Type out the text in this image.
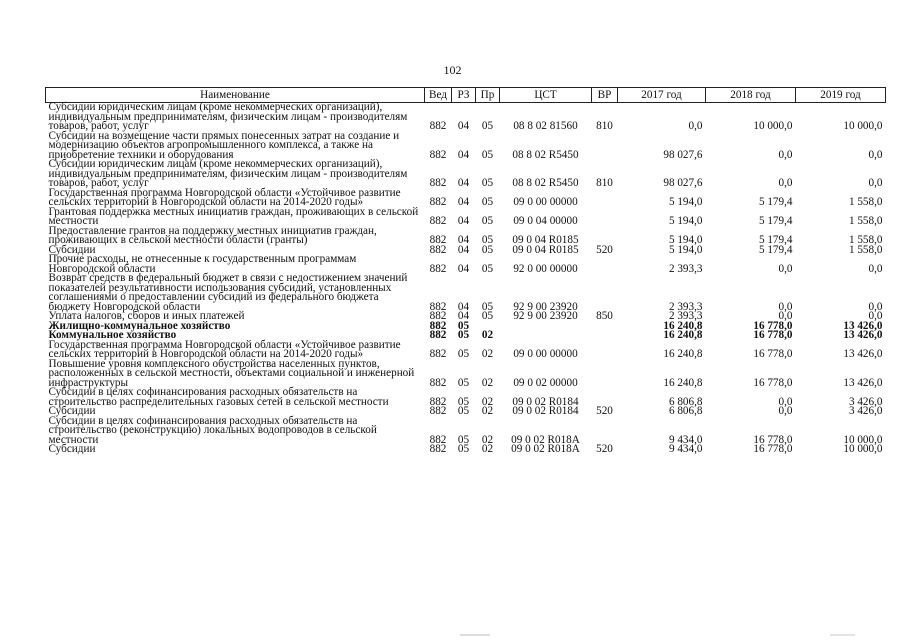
102
Наименование	Вед	РЗ	Пр	ЦСТ	ВР	2017 год	2018 год	2019 год
Субсидии юридическим лицам (кроме некоммерческих организаций), индивидуальным предпринимателям, физическим лицам - производителям товаров, работ, услуг	882	04	05	08 8 02 81560	810	0,0	10 000,0	10 000,0
Субсидии на возмещение части прямых понесенных затрат на создание и модернизацию объектов агропромышленного комплекса, а также на приобретение техники и оборудования	882	04	05	08 8 02 R5450		98 027,6	0,0	0,0
Субсидии юридическим лицам (кроме некоммерческих организаций), индивидуальным предпринимателям, физическим лицам - производителям товаров, работ, услуг	882	04	05	08 8 02 R5450	810	98 027,6	0,0	0,0
Государственная программа Новгородской области «Устойчивое развитие сельских территорий в Новгородской области на 2014-2020 годы»	882	04	05	09 0 00 00000		5 194,0	5 179,4	1 558,0
Грантовая поддержка местных инициатив граждан, проживающих в сельской местности	882	04	05	09 0 04 00000		5 194,0	5 179,4	1 558,0
Предоставление грантов на поддержку местных инициатив граждан, проживающих в сельской местности области (гранты)	882	04	05	09 0 04 R0185		5 194,0	5 179,4	1 558,0
Субсидии	882	04	05	09 0 04 R0185	520	5 194,0	5 179,4	1 558,0
Прочие расходы, не отнесенные к государственным программам Новгородской области	882	04	05	92 0 00 00000		2 393,3	0,0	0,0
Возврат средств в федеральный бюджет в связи с недостижением значений показателей результативности использования субсидий, установленных соглашениями о предоставлении субсидий из федерального бюджета бюджету Новгородской области	882	04	05	92 9 00 23920		2 393,3	0,0	0,0
Уплата налогов, сборов и иных платежей	882	04	05	92 9 00 23920	850	2 393,3	0,0	0,0
Жилищно-коммунальное хозяйство	882	05				16 240,8	16 778,0	13 426,0
Коммунальное хозяйство	882	05	02			16 240,8	16 778,0	13 426,0
Государственная программа Новгородской области «Устойчивое развитие сельских территорий в Новгородской области на 2014-2020 годы»	882	05	02	09 0 00 00000		16 240,8	16 778,0	13 426,0
Повышение уровня комплексного обустройства населенных пунктов, расположенных в сельской местности, объектами социальной и инженерной инфраструктуры	882	05	02	09 0 02 00000		16 240,8	16 778,0	13 426,0
Субсидии в целях софинансирования расходных обязательств на строительство распределительных газовых сетей в сельской местности	882	05	02	09 0 02 R0184		6 806,8	0,0	3 426,0
Субсидии	882	05	02	09 0 02 R0184	520	6 806,8	0,0	3 426,0
Субсидии в целях софинансирования расходных обязательств на строительство (реконструкцию) локальных водопроводов в сельской местности	882	05	02	09 0 02 R018A		9 434,0	16 778,0	10 000,0
Субсидии	882	05	02	09 0 02 R018A	520	9 434,0	16 778,0	10 000,0
